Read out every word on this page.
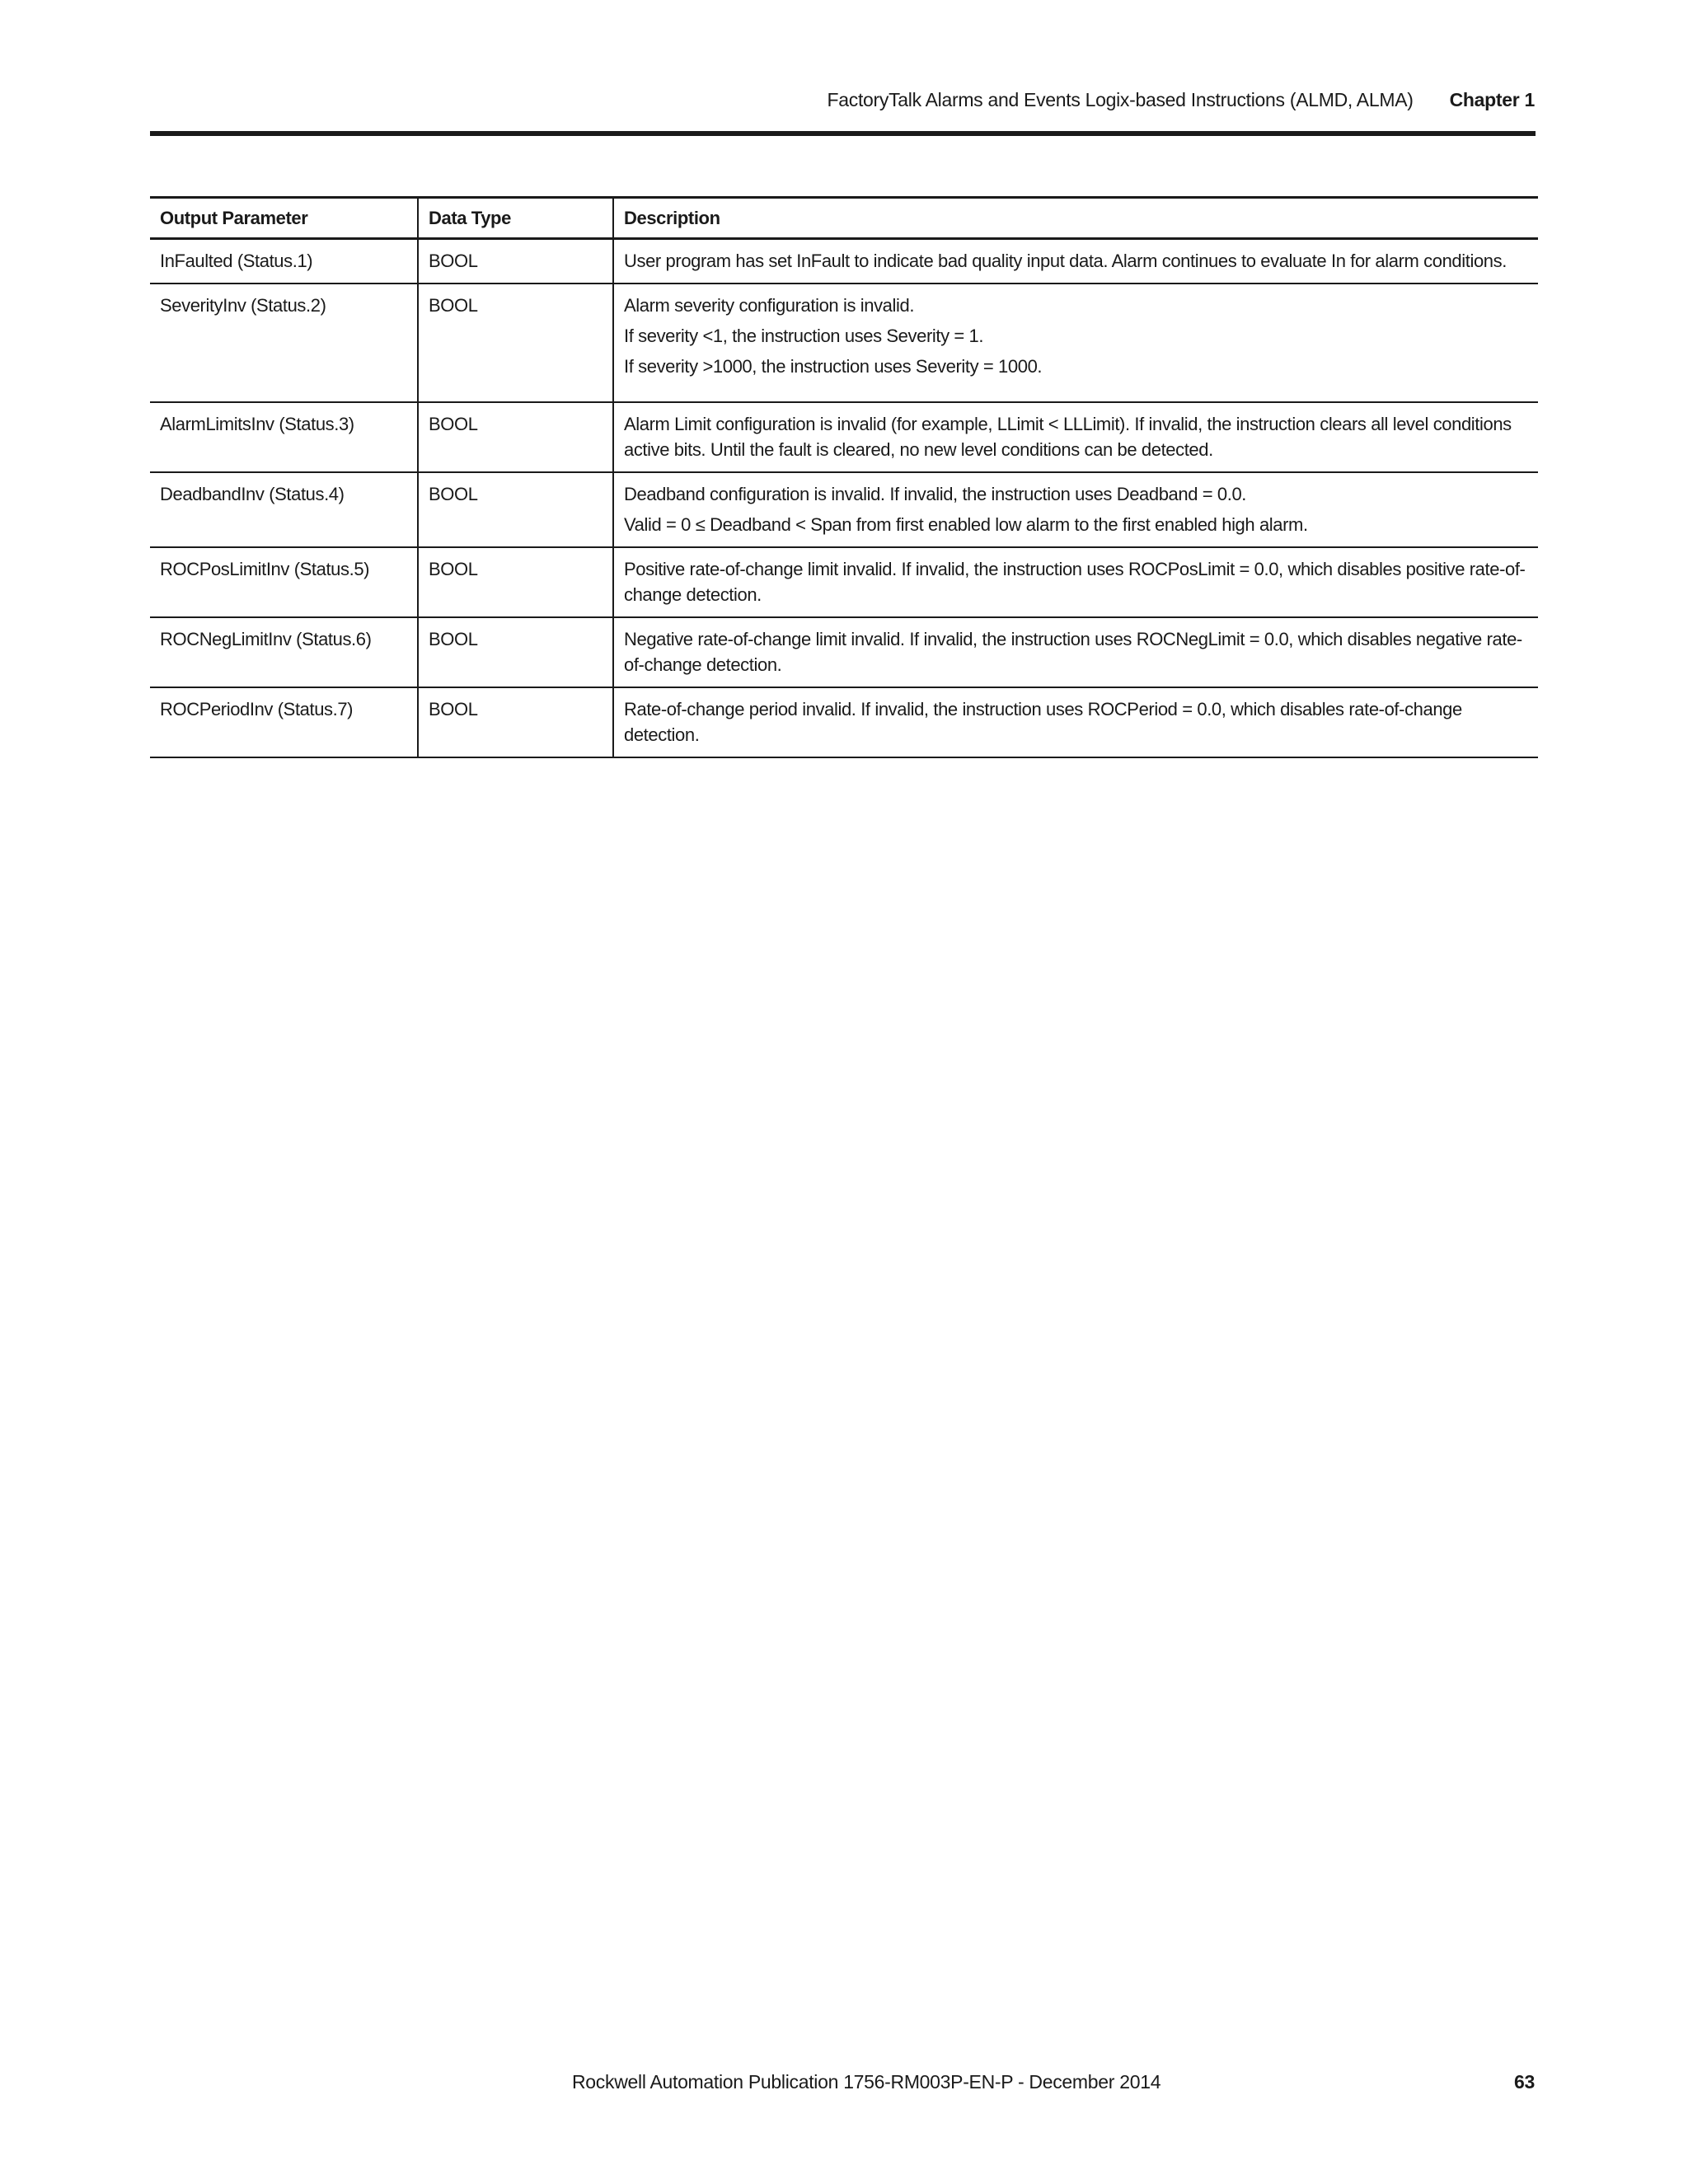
FactoryTalk Alarms and Events Logix-based Instructions (ALMD, ALMA) Chapter 1
Output Parameter	Data Type	Description
InFaulted (Status.1)	BOOL	User program has set InFault to indicate bad quality input data. Alarm continues to evaluate In for alarm conditions.

SeverityInv (Status.2)	BOOL	Alarm severity configuration is invalid.
If severity <1, the instruction uses Severity = 1.
If severity >1000, the instruction uses Severity = 1000.

AlarmLimitsInv (Status.3)	BOOL	Alarm Limit configuration is invalid (for example, LLimit < LLLimit). If invalid, the instruction clears all level conditions active bits. Until the fault is cleared, no new level conditions can be detected.

DeadbandInv (Status.4)	BOOL	Deadband configuration is invalid. If invalid, the instruction uses Deadband = 0.0.
Valid = 0 ≤ Deadband < Span from first enabled low alarm to the first enabled high alarm.

ROCPosLimitInv (Status.5)	BOOL	Positive rate-of-change limit invalid. If invalid, the instruction uses ROCPosLimit = 0.0, which disables positive rate-of-change detection.

ROCNegLimitInv (Status.6)	BOOL	Negative rate-of-change limit invalid. If invalid, the instruction uses ROCNegLimit = 0.0, which disables negative rate-of-change detection.

ROCPeriodInv (Status.7)	BOOL	Rate-of-change period invalid. If invalid, the instruction uses ROCPeriod = 0.0, which disables rate-of-change detection.
Rockwell Automation Publication 1756-RM003P-EN-P - December 2014	63
